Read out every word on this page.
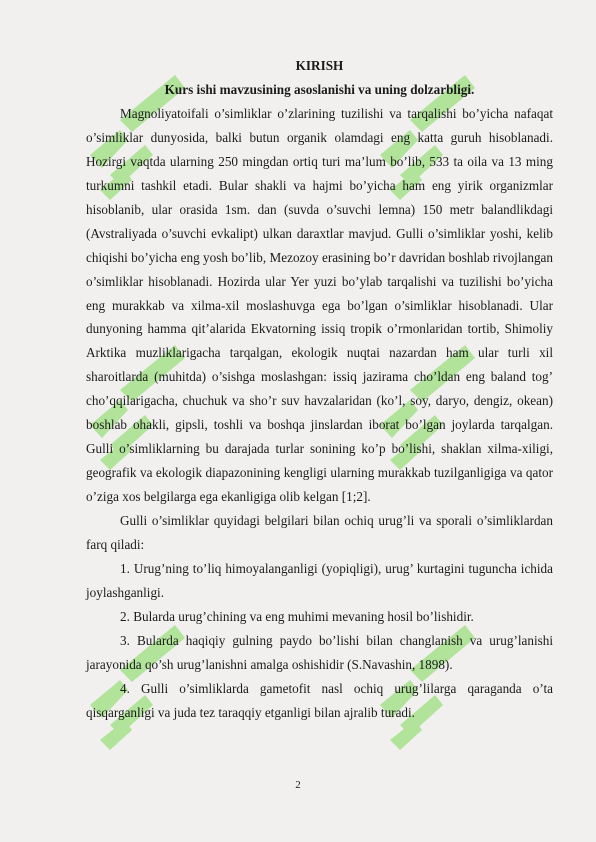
KIRISH

Kurs ishi mavzusining asoslanishi va uning dolzarbligi.

Magnoliyatoifali o’simliklar o’zlarining tuzilishi va tarqalishi bo’yicha nafaqat o’simliklar dunyosida, balki butun organik olamdagi eng katta guruh hisoblanadi. Hozirgi vaqtda ularning 250 mingdan ortiq turi ma’lum bo’lib, 533 ta oila va 13 ming turkumni tashkil etadi. Bular shakli va hajmi bo’yicha ham eng yirik organizmlar hisoblanib, ular orasida 1sm. dan (suvda o’suvchi lemna) 150 metr balandlikdagi (Avstraliyada o’suvchi evkalipt) ulkan daraxtlar mavjud. Gulli o’simliklar yoshi, kelib chiqishi bo’yicha eng yosh bo’lib, Mezozoy erasining bo’r davridan boshlab rivojlangan o’simliklar hisoblanadi. Hozirda ular Yer yuzi bo’ylab tarqalishi va tuzilishi bo’yicha eng murakkab va xilma-xil moslashuvga ega bo’lgan o’simliklar hisoblanadi. Ular dunyoning hamma qit’alarida Ekvatorning issiq tropik o’rmonlaridan tortib, Shimoliy Arktika muzliklarigacha tarqalgan, ekologik nuqtai nazardan ham ular turli xil sharoitlarda (muhitda) o’sishga moslashgan: issiq jazirama cho’ldan eng baland tog’ cho’qqilarigacha, chuchuk va sho’r suv havzalaridan (ko’l, soy, daryo, dengiz, okean) boshlab ohakli, gipsli, toshli va boshqa jinslardan iborat bo’lgan joylarda tarqalgan. Gulli o’simliklarning bu darajada turlar sonining ko’p bo’lishi, shaklan xilma-xiligi, geografik va ekologik diapazonining kengligi ularning murakkab tuzilganligiga va qator o’ziga xos belgilarga ega ekanligiga olib kelgan [1;2].

Gulli o’simliklar quyidagi belgilari bilan ochiq urug’li va sporali o’simliklardan farq qiladi:

1. Urug’ning to’liq himoyalanganligi (yopiqligi), urug’ kurtagini tuguncha ichida joylashganligi.

2. Bularda urug’chining va eng muhimi mevaning hosil bo’lishidir.

3. Bularda haqiqiy gulning paydo bo’lishi bilan changlanish va urug’lanishi jarayonida qo’sh urug’lanishni amalga oshishidir (S.Navashin, 1898).

4. Gulli o’simliklarda gametofit nasl ochiq urug’lilarga qaraganda o’ta qisqarganligi va juda tez taraqqiy etganligi bilan ajralib turadi.

2
